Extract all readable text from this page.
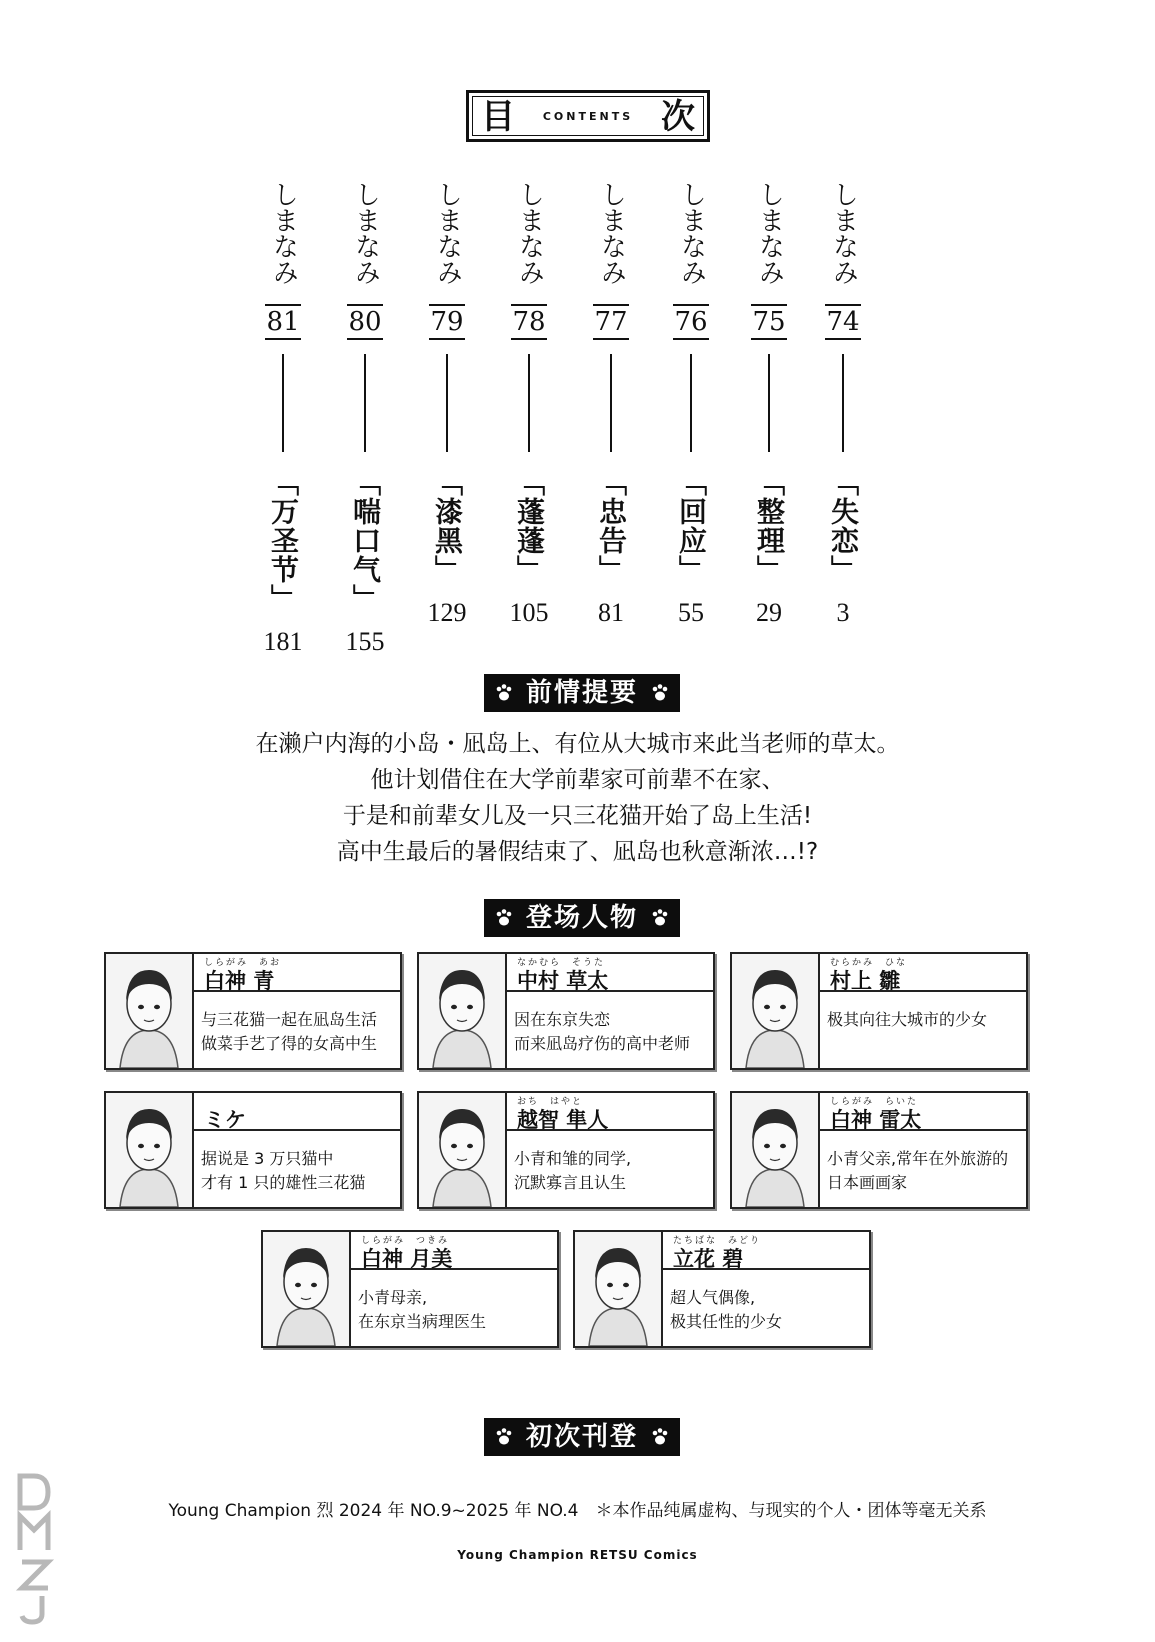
目	CONTENTS 次
しまなみ
81
「万圣节」
181
しまなみ
80
「喘口气」
155
しまなみ
79
「漆黑」
129
しまなみ
78
「蓬蓬」
105
しまなみ
77
「忠告」
81
しまなみ
76
「回应」
55
しまなみ
75
「整理」
29
しまなみ
74
「失恋」
3
前情提要

在濑户内海的小岛・凪岛上、有位从大城市来此当老师的草太。

他计划借住在大学前辈家可前辈不在家、

于是和前辈女儿及一只三花猫开始了岛上生活!

高中生最后的暑假结束了、凪岛也秋意渐浓…!?

登场人物
しらがみ　あお
白神 青
与三花猫一起在凪岛生活
做菜手艺了得的女高中生
なかむら　そうた
中村 草太
因在东京失恋
而来凪岛疗伤的高中老师
むらかみ　ひな
村上 雛
极其向往大城市的少女
ミケ
据说是 3 万只猫中
才有 1 只的雄性三花猫
おち　はやと
越智 隼人
小青和雏的同学,
沉默寡言且认生
しらがみ　らいた
白神 雷太
小青父亲,常年在外旅游的
日本画画家
しらがみ　つきみ
白神 月美
小青母亲,
在东京当病理医生
たちばな　みどり
立花 碧
超人气偶像,
极其任性的少女
初次刊登
Young Champion 烈 2024 年 NO.9~2025 年 NO.4　＊本作品纯属虚构、与现实的个人・团体等毫无关系
Young Champion RETSU Comics
